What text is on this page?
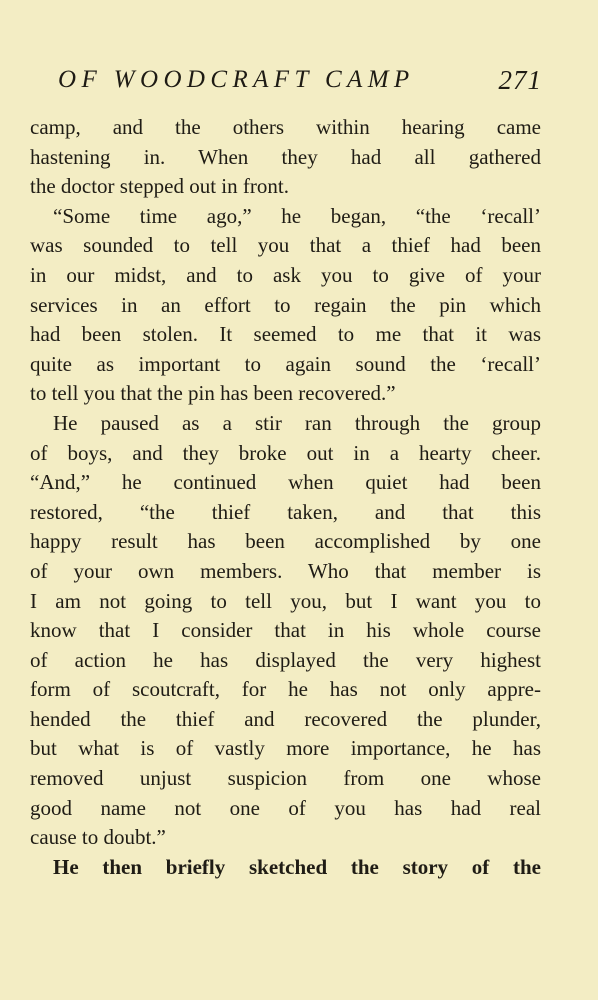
OF WOODCRAFT CAMP	271
camp, and the others within hearing came
hastening in. When they had all gathered
the doctor stepped out in front.
“Some time ago,” he began, “the ‘recall’
was sounded to tell you that a thief had been
in our midst, and to ask you to give of your
services in an effort to regain the pin which
had been stolen. It seemed to me that it was
quite as important to again sound the ‘recall’
to tell you that the pin has been recovered.”
He paused as a stir ran through the group
of boys, and they broke out in a hearty cheer.
“And,” he continued when quiet had been
restored, “the thief taken, and that this
happy result has been accomplished by one
of your own members. Who that member is
I am not going to tell you, but I want you to
know that I consider that in his whole course
of action he has displayed the very highest
form of scoutcraft, for he has not only appre-
hended the thief and recovered the plunder,
but what is of vastly more importance, he has
removed unjust suspicion from one whose
good name not one of you has had real
cause to doubt.”
He then briefly sketched the story of the
